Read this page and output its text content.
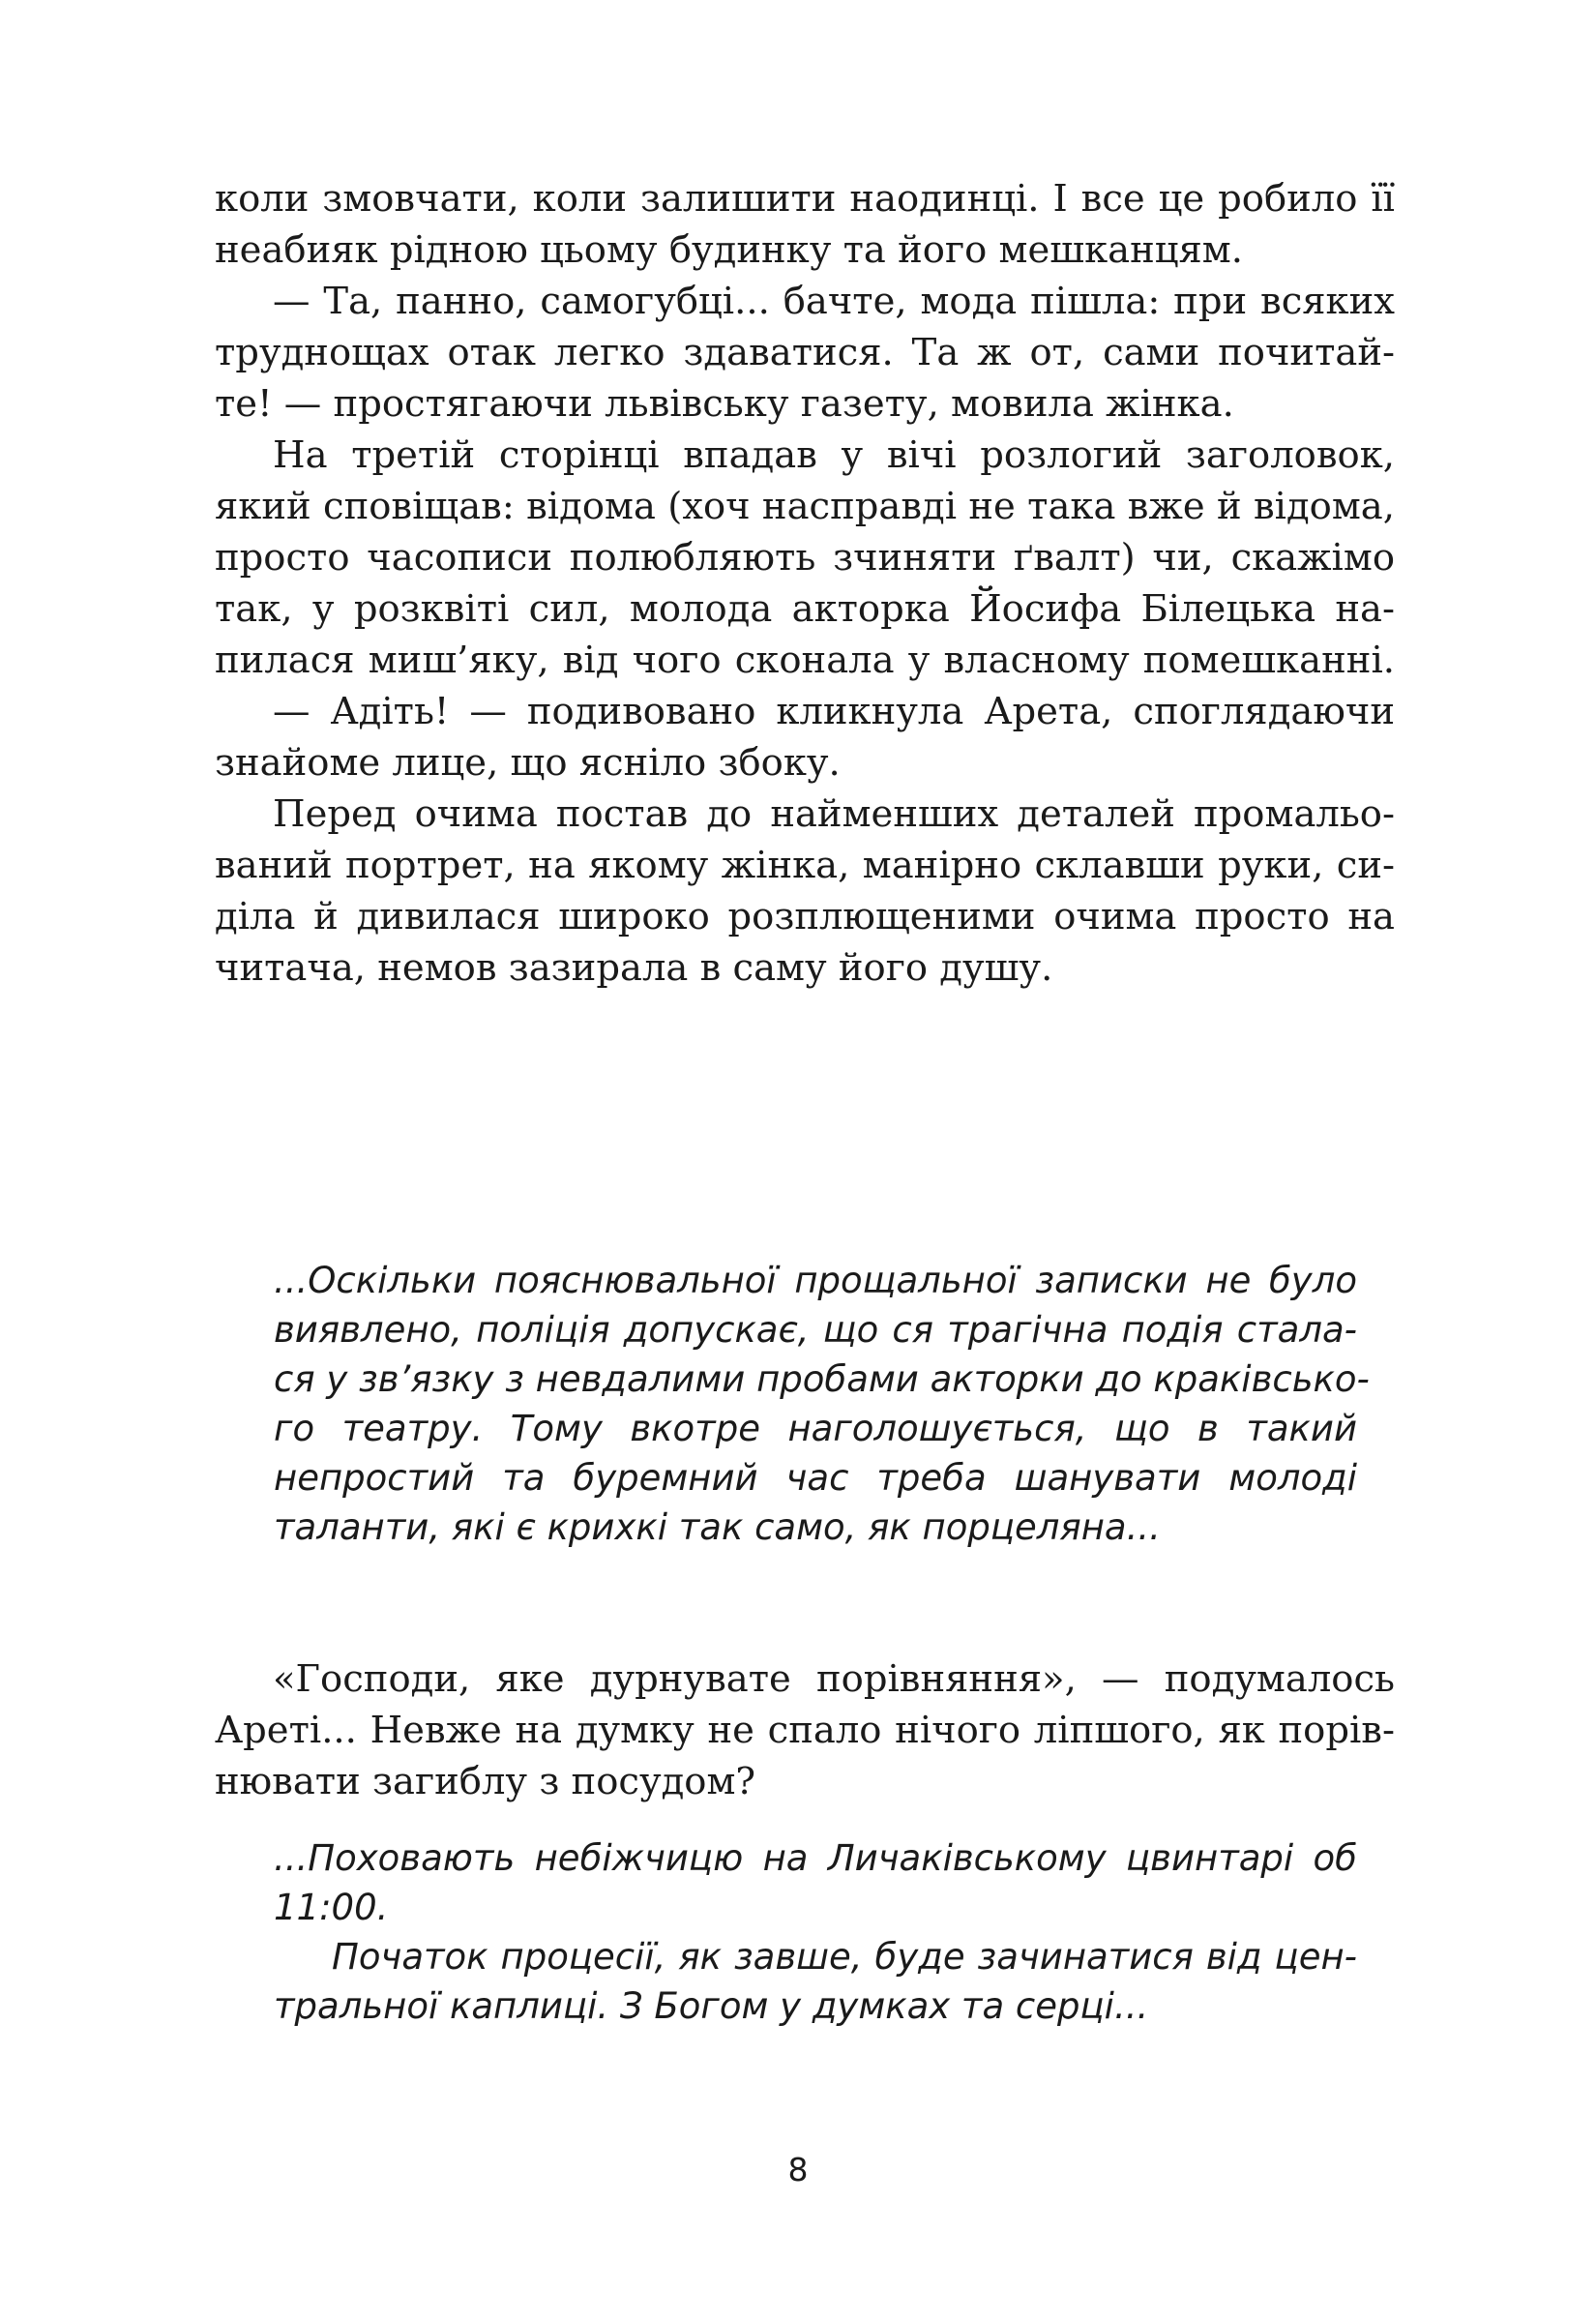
коли змовчати, коли залишити наодинці. І все це робило її
неабияк рідною цьому будинку та його мешканцям.
— Та, панно, самогубці... бачте, мода пішла: при всяких
труднощах отак легко здаватися. Та ж от, сами почитай-
те! — простягаючи львівську газету, мовила жінка.
На третій сторінці впадав у вічі розлогий заголовок,
який сповіщав: відома (хоч насправді не така вже й відома,
просто часописи полюбляють зчиняти ґвалт) чи, скажімо
так, у розквіті сил, молода акторка Йосифа Білецька на-
пилася миш’яку, від чого сконала у власному помешканні.
— Адіть! — подивовано кликнула Арета, споглядаючи
знайоме лице, що ясніло збоку.
Перед очима постав до найменших деталей промальо-
ваний портрет, на якому жінка, манірно склавши руки, си-
діла й дивилася широко розплющеними очима просто на
читача, немов зазирала в саму його душу.
...Оскільки пояснювальної прощальної записки не було
виявлено, поліція допускає, що ся трагічна подія стала-
ся у зв’язку з невдалими пробами акторки до краківсько-
го театру. Тому вкотре наголошується, що в такий
непростий та буремний час треба шанувати молоді
таланти, які є крихкі так само, як порцеляна...
«Господи, яке дурнувате порівняння», — подумалось
Ареті... Невже на думку не спало нічого ліпшого, як порів-
нювати загиблу з посудом?
...Поховають небіжчицю на Личаківському цвинтарі об
11:00.
Початок процесії, як завше, буде зачинатися від цен-
тральної каплиці. З Богом у думках та серці...
8
